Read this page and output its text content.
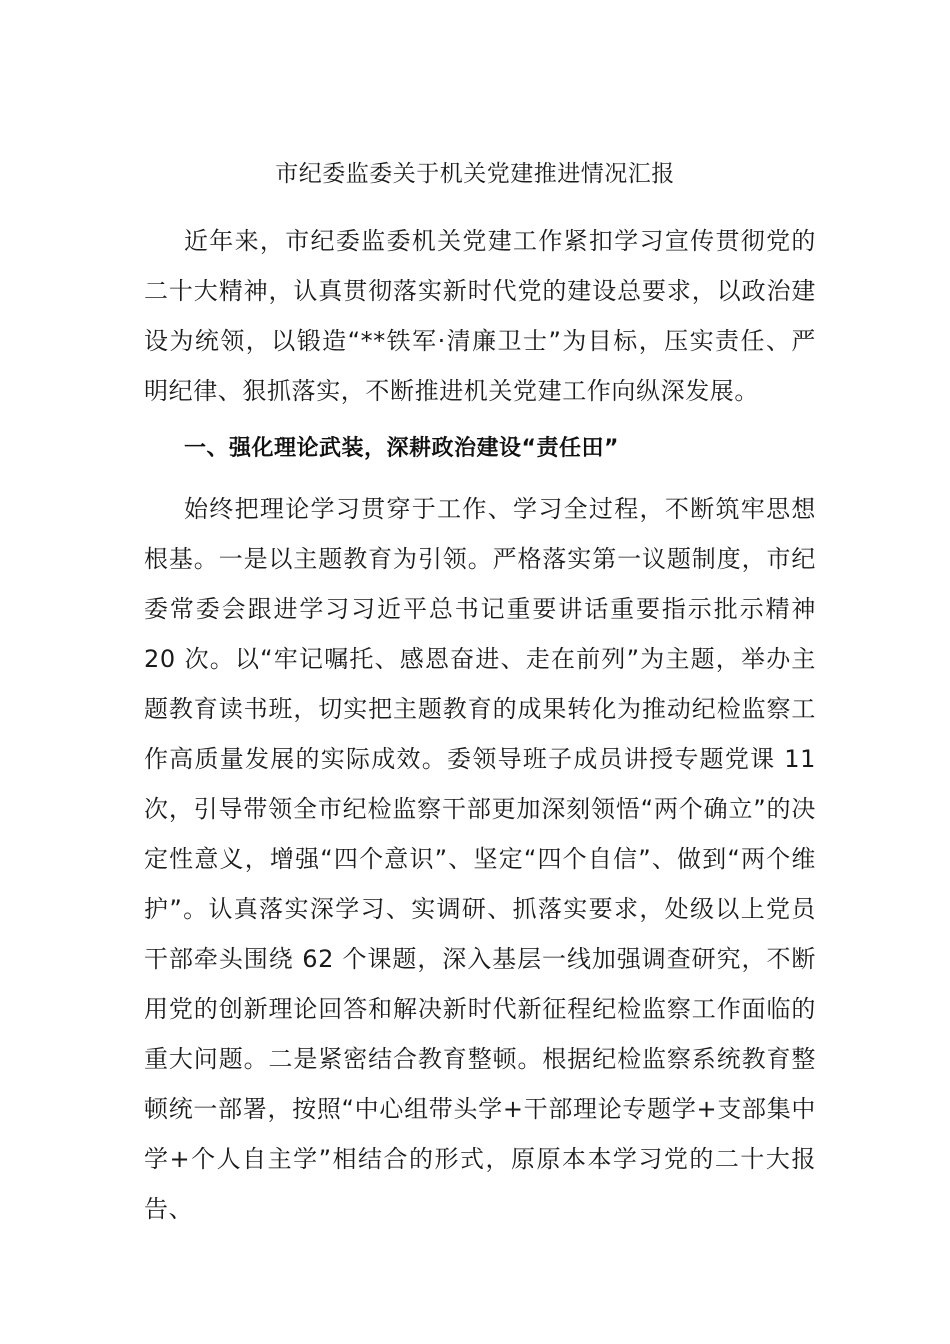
市纪委监委关于机关党建推进情况汇报

近年来，市纪委监委机关党建工作紧扣学习宣传贯彻党的二十大精神，认真贯彻落实新时代党的建设总要求，以政治建设为统领，以锻造“**铁军·清廉卫士”为目标，压实责任、严明纪律、狠抓落实，不断推进机关党建工作向纵深发展。

一、强化理论武装，深耕政治建设“责任田”

始终把理论学习贯穿于工作、学习全过程，不断筑牢思想根基。一是以主题教育为引领。严格落实第一议题制度，市纪委常委会跟进学习习近平总书记重要讲话重要指示批示精神 20 次。以“牢记嘱托、感恩奋进、走在前列”为主题，举办主题教育读书班，切实把主题教育的成果转化为推动纪检监察工作高质量发展的实际成效。委领导班子成员讲授专题党课 11 次，引导带领全市纪检监察干部更加深刻领悟“两个确立”的决定性意义，增强“四个意识”、坚定“四个自信”、做到“两个维护”。认真落实深学习、实调研、抓落实要求，处级以上党员干部牵头围绕 62 个课题，深入基层一线加强调查研究，不断用党的创新理论回答和解决新时代新征程纪检监察工作面临的重大问题。二是紧密结合教育整顿。根据纪检监察系统教育整顿统一部署，按照“中心组带头学+干部理论专题学+支部集中学+个人自主学”相结合的形式，原原本本学习党的二十大报告、
